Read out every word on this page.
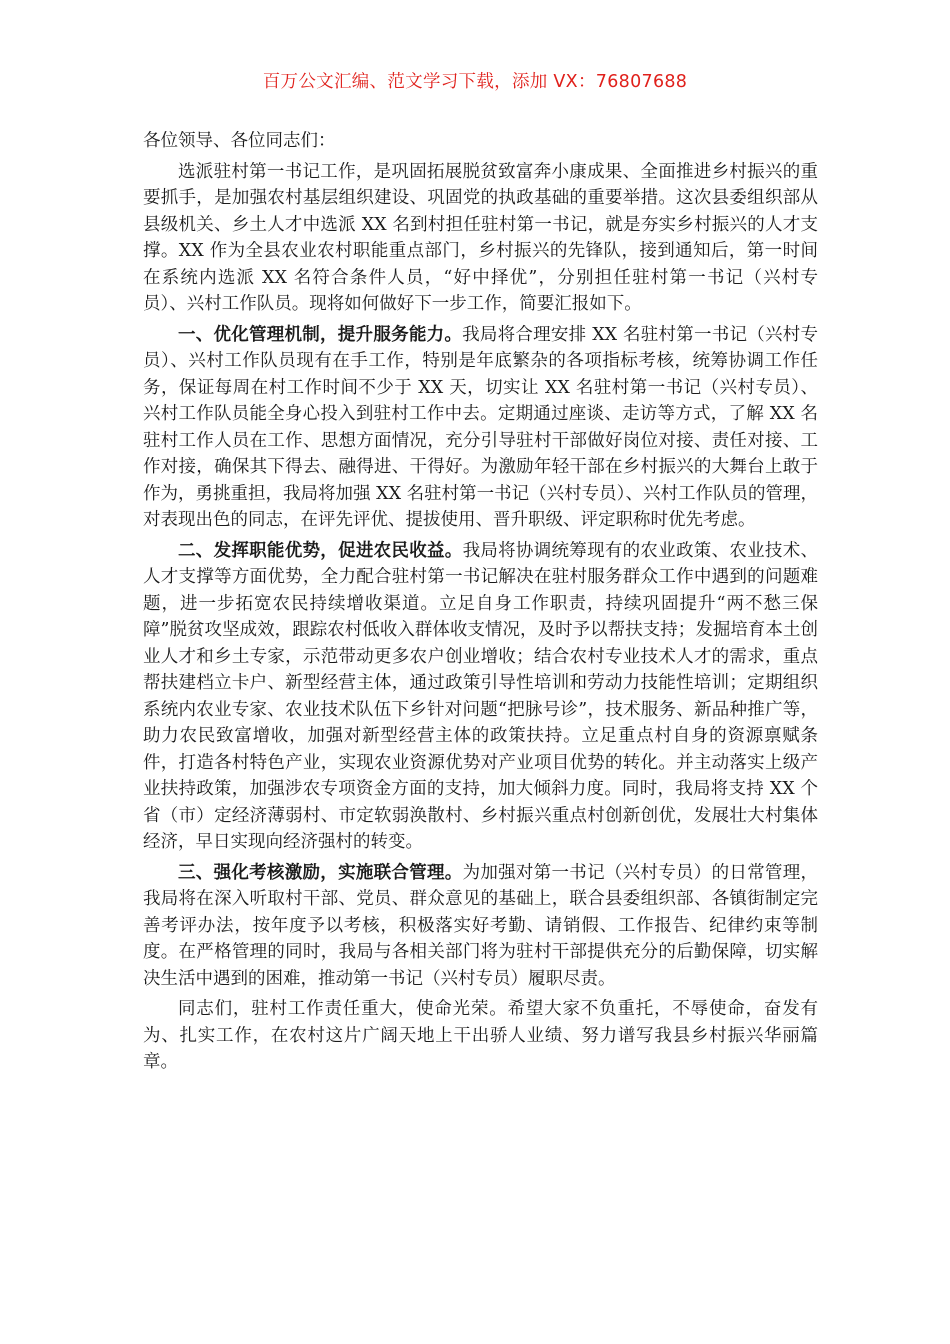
百万公文汇编、范文学习下载，添加 VX：76807688

各位领导、各位同志们：

选派驻村第一书记工作，是巩固拓展脱贫致富奔小康成果、全面推进乡村振兴的重要抓手，是加强农村基层组织建设、巩固党的执政基础的重要举措。这次县委组织部从县级机关、乡土人才中选派 XX 名到村担任驻村第一书记，就是夯实乡村振兴的人才支撑。XX 作为全县农业农村职能重点部门，乡村振兴的先锋队，接到通知后，第一时间在系统内选派 XX 名符合条件人员，“好中择优”，分别担任驻村第一书记（兴村专员）、兴村工作队员。现将如何做好下一步工作，简要汇报如下。

一、优化管理机制，提升服务能力。我局将合理安排 XX 名驻村第一书记（兴村专员）、兴村工作队员现有在手工作，特别是年底繁杂的各项指标考核，统筹协调工作任务，保证每周在村工作时间不少于 XX 天，切实让 XX 名驻村第一书记（兴村专员）、兴村工作队员能全身心投入到驻村工作中去。定期通过座谈、走访等方式，了解 XX 名驻村工作人员在工作、思想方面情况，充分引导驻村干部做好岗位对接、责任对接、工作对接，确保其下得去、融得进、干得好。为激励年轻干部在乡村振兴的大舞台上敢于作为，勇挑重担，我局将加强 XX 名驻村第一书记（兴村专员）、兴村工作队员的管理，对表现出色的同志，在评先评优、提拔使用、晋升职级、评定职称时优先考虑。

二、发挥职能优势，促进农民收益。我局将协调统筹现有的农业政策、农业技术、人才支撑等方面优势，全力配合驻村第一书记解决在驻村服务群众工作中遇到的问题难题，进一步拓宽农民持续增收渠道。立足自身工作职责，持续巩固提升“两不愁三保障”脱贫攻坚成效，跟踪农村低收入群体收支情况，及时予以帮扶支持；发掘培育本土创业人才和乡土专家，示范带动更多农户创业增收；结合农村专业技术人才的需求，重点帮扶建档立卡户、新型经营主体，通过政策引导性培训和劳动力技能性培训；定期组织系统内农业专家、农业技术队伍下乡针对问题“把脉号诊”，技术服务、新品种推广等，助力农民致富增收，加强对新型经营主体的政策扶持。立足重点村自身的资源禀赋条件，打造各村特色产业，实现农业资源优势对产业项目优势的转化。并主动落实上级产业扶持政策，加强涉农专项资金方面的支持，加大倾斜力度。同时，我局将支持 XX 个省（市）定经济薄弱村、市定软弱涣散村、乡村振兴重点村创新创优，发展壮大村集体经济，早日实现向经济强村的转变。

三、强化考核激励，实施联合管理。为加强对第一书记（兴村专员）的日常管理，我局将在深入听取村干部、党员、群众意见的基础上，联合县委组织部、各镇街制定完善考评办法，按年度予以考核，积极落实好考勤、请销假、工作报告、纪律约束等制度。在严格管理的同时，我局与各相关部门将为驻村干部提供充分的后勤保障，切实解决生活中遇到的困难，推动第一书记（兴村专员）履职尽责。

同志们，驻村工作责任重大，使命光荣。希望大家不负重托，不辱使命，奋发有为、扎实工作，在农村这片广阔天地上干出骄人业绩、努力谱写我县乡村振兴华丽篇章。
